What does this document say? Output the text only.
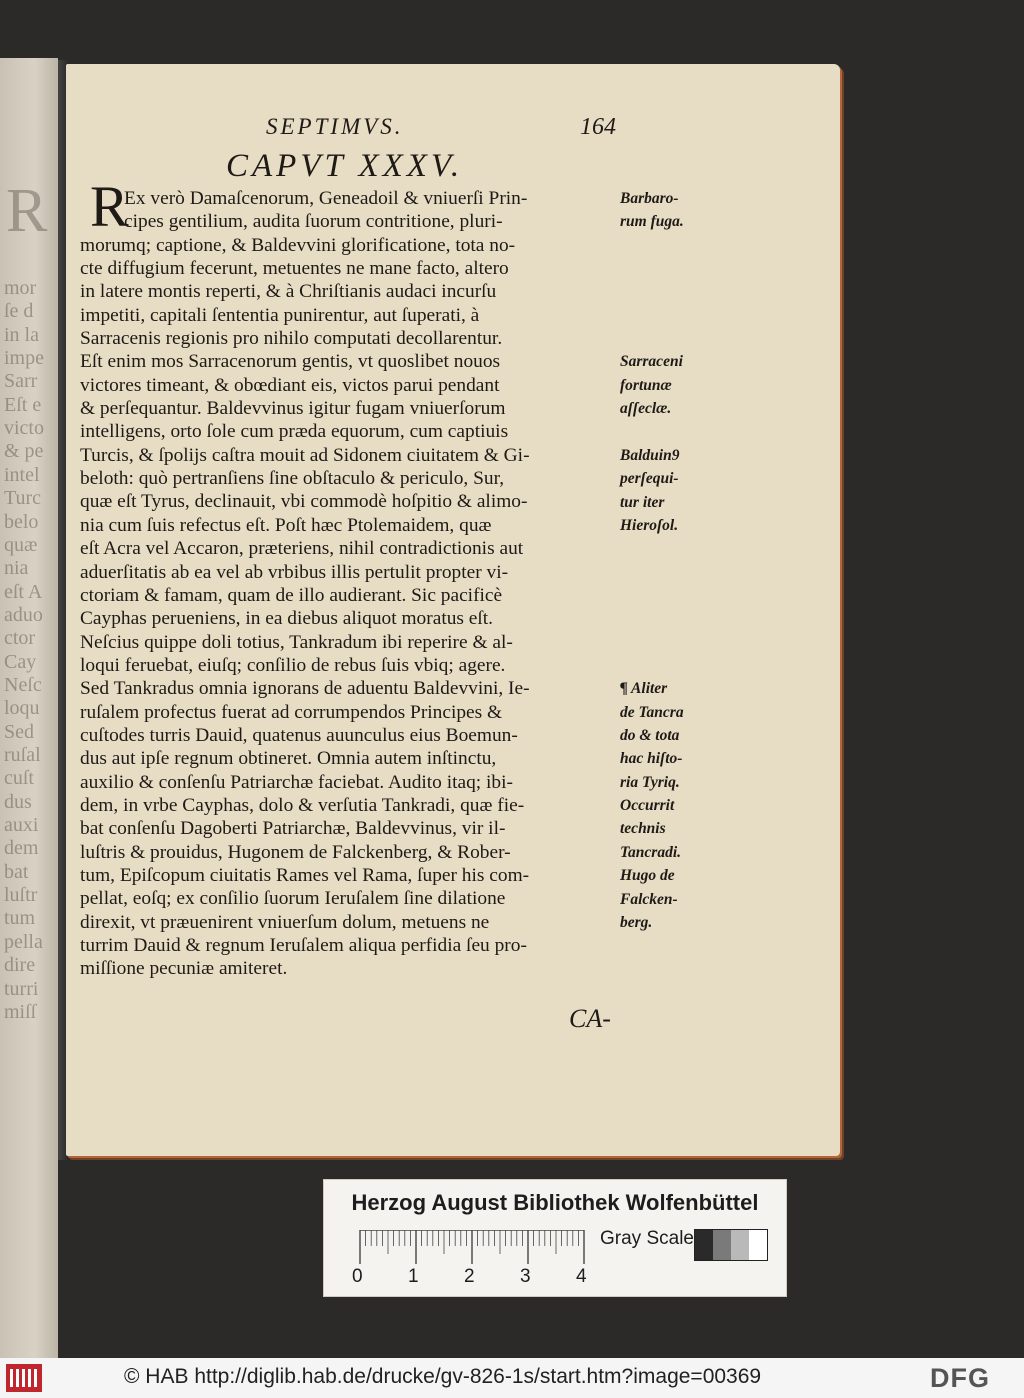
R
mor
ſe d
in la
impe
Sarr
Eſt e
victo
& pe
intel
Turc
belo
quæ
nia
eſt A
aduo
ctor
Cay
Neſc
loqu
Sed
ruſal
cuſt
dus
auxi
dem
bat
luſtr
tum
pella
dire
turri
miſſ
SEPTIMVS.	164
CAPVT XXXV.
R
Ex verò Damaſcenorum, Geneadoil & vniuerſi Prin-
cipes gentilium, audita ſuorum contritione, pluri-
morumq; captione, & Baldevvini glorificatione, tota no-
cte diffugium fecerunt, metuentes ne mane facto, altero
in latere montis reperti, & à Chriſtianis audaci incurſu
impetiti, capitali ſententia punirentur, aut ſuperati, à
Sarracenis regionis pro nihilo computati decollarentur.
Eſt enim mos Sarracenorum gentis, vt quoslibet nouos
victores timeant, & obœdiant eis, victos parui pendant
& perſequantur. Baldevvinus igitur fugam vniuerſorum
intelligens, orto ſole cum præda equorum, cum captiuis
Turcis, & ſpolijs caſtra mouit ad Sidonem ciuitatem & Gi-
beloth: quò pertranſiens ſine obſtaculo & periculo, Sur,
quæ eſt Tyrus, declinauit, vbi commodè hoſpitio & alimo-
nia cum ſuis refectus eſt. Poſt hæc Ptolemaidem, quæ
eſt Acra vel Accaron, præteriens, nihil contradictionis aut
aduerſitatis ab ea vel ab vrbibus illis pertulit propter vi-
ctoriam & famam, quam de illo audierant. Sic pacificè
Cayphas perueniens, in ea diebus aliquot moratus eſt.
Neſcius quippe doli totius, Tankradum ibi reperire & al-
loqui feruebat, eiuſq; conſilio de rebus ſuis vbiq; agere.
Sed Tankradus omnia ignorans de aduentu Baldevvini, Ie-
ruſalem profectus fuerat ad corrumpendos Principes &
cuſtodes turris Dauid, quatenus auunculus eius Boemun-
dus aut ipſe regnum obtineret. Omnia autem inſtinctu,
auxilio & conſenſu Patriarchæ faciebat. Audito itaq; ibi-
dem, in vrbe Cayphas, dolo & verſutia Tankradi, quæ fie-
bat conſenſu Dagoberti Patriarchæ, Baldevvinus, vir il-
luſtris & prouidus, Hugonem de Falckenberg, & Rober-
tum, Epiſcopum ciuitatis Rames vel Rama, ſuper his com-
pellat, eoſq; ex conſilio ſuorum Ieruſalem ſine dilatione
direxit, vt præuenirent vniuerſum dolum, metuens ne
turrim Dauid & regnum Ieruſalem aliqua perfidia ſeu pro-
miſſione pecuniæ amiteret.
Barbaro-
rum fuga.
Sarraceni
fortunæ
aſſeclæ.
Balduin9
perſequi-
tur iter
Hieroſol.
¶ Aliter
de Tancra
do & tota
hac hiſto-
ria Tyriq.
Occurrit
technis
Tancradi.
Hugo de
Falcken-
berg.
CA-
Herzog August Bibliothek Wolfenbüttel
0 1 2 3 4
Gray Scale
© HAB http://diglib.hab.de/drucke/gv-826-1s/start.htm?image=00369	DFG
